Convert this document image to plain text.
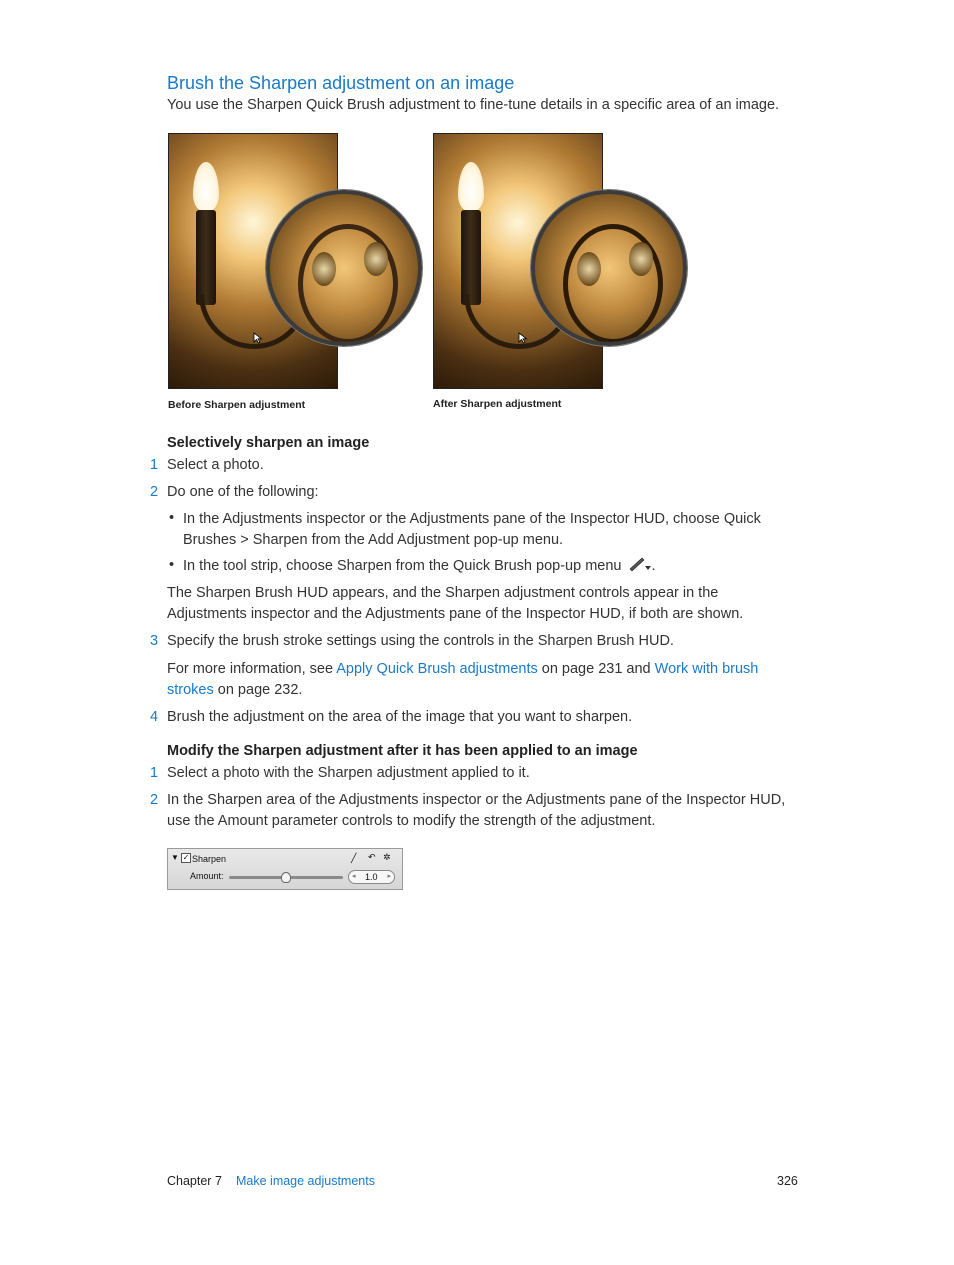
Brush the Sharpen adjustment on an image
You use the Sharpen Quick Brush adjustment to fine-tune details in a specific area of an image.
100
Before Sharpen adjustment
100
After Sharpen adjustment
Selectively sharpen an image
1 Select a photo.
2 Do one of the following:
• In the Adjustments inspector or the Adjustments pane of the Inspector HUD, choose Quick
Brushes > Sharpen from the Add Adjustment pop-up menu.
• In the tool strip, choose Sharpen from the Quick Brush pop-up menu .
The Sharpen Brush HUD appears, and the Sharpen adjustment controls appear in the
Adjustments inspector and the Adjustments pane of the Inspector HUD, if both are shown.
3 Specify the brush stroke settings using the controls in the Sharpen Brush HUD.
For more information, see Apply Quick Brush adjustments on page 231 and Work with brush
strokes on page 232.
4 Brush the adjustment on the area of the image that you want to sharpen.
Modify the Sharpen adjustment after it has been applied to an image
1 Select a photo with the Sharpen adjustment applied to it.
2 In the Sharpen area of the Adjustments inspector or the Adjustments pane of the Inspector HUD,
use the Amount parameter controls to modify the strength of the adjustment.
▼ ✓ Sharpen	╱ ↶ ✲
Amount:	◂ 1.0 ▸
Chapter 7 Make image adjustments	326
